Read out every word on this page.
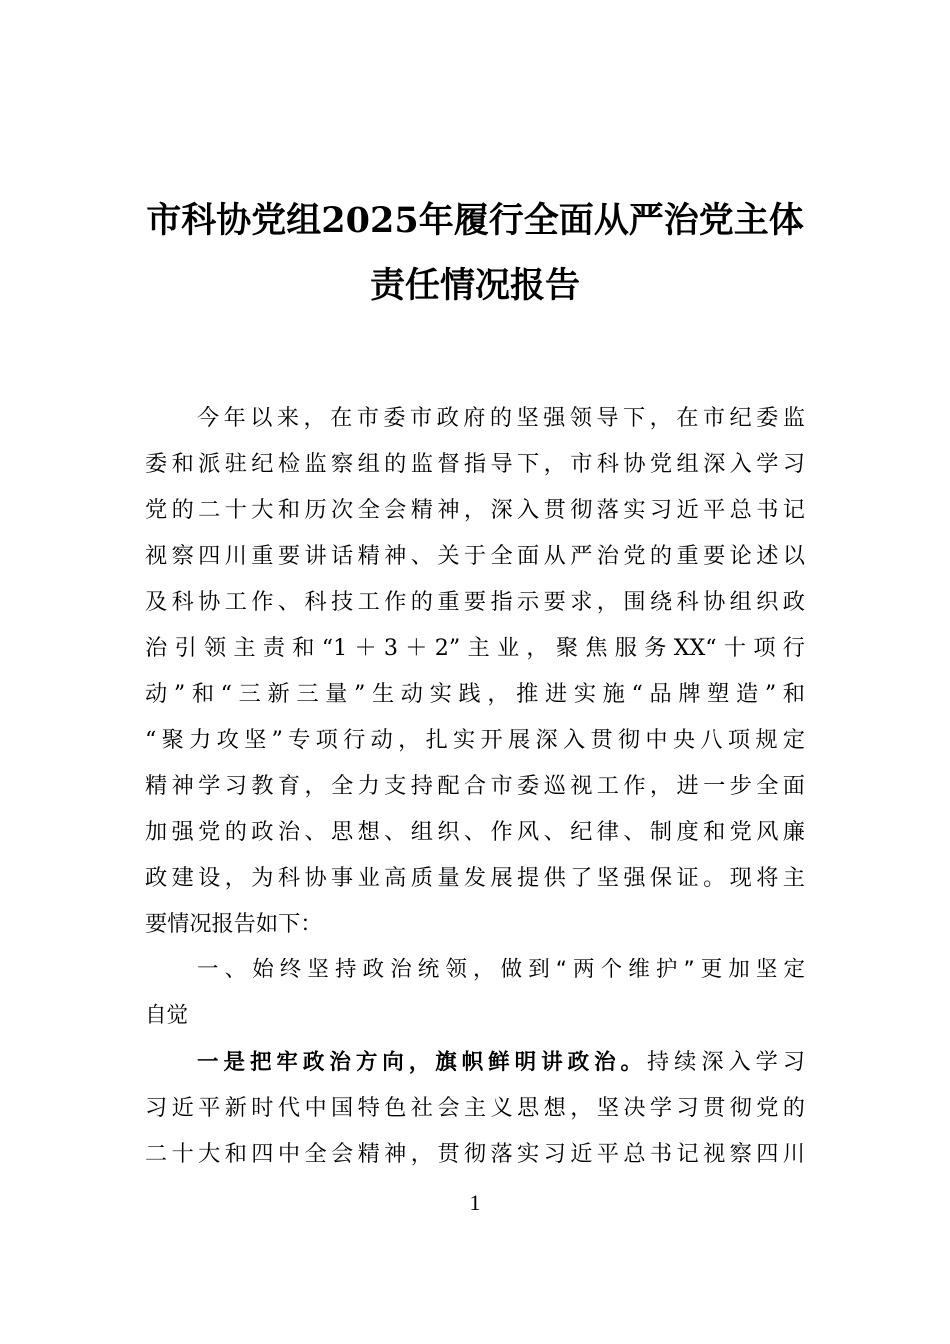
市科协党组2025年履行全面从严治党主体
责任情况报告
今年以来，在市委市政府的坚强领导下，在市纪委监
委和派驻纪检监察组的监督指导下，市科协党组深入学习
党的二十大和历次全会精神，深入贯彻落实习近平总书记
视察四川重要讲话精神、关于全面从严治党的重要论述以
及科协工作、科技工作的重要指示要求，围绕科协组织政
治引领主责和“1＋3＋2”主业，聚焦服务XX“十项行
动”和“三新三量”生动实践，推进实施“品牌塑造”和
“聚力攻坚”专项行动，扎实开展深入贯彻中央八项规定
精神学习教育，全力支持配合市委巡视工作，进一步全面
加强党的政治、思想、组织、作风、纪律、制度和党风廉
政建设，为科协事业高质量发展提供了坚强保证。现将主
要情况报告如下：
一、始终坚持政治统领，做到“两个维护”更加坚定
自觉
一是把牢政治方向，旗帜鲜明讲政治。持续深入学习
习近平新时代中国特色社会主义思想，坚决学习贯彻党的
二十大和四中全会精神，贯彻落实习近平总书记视察四川
1
